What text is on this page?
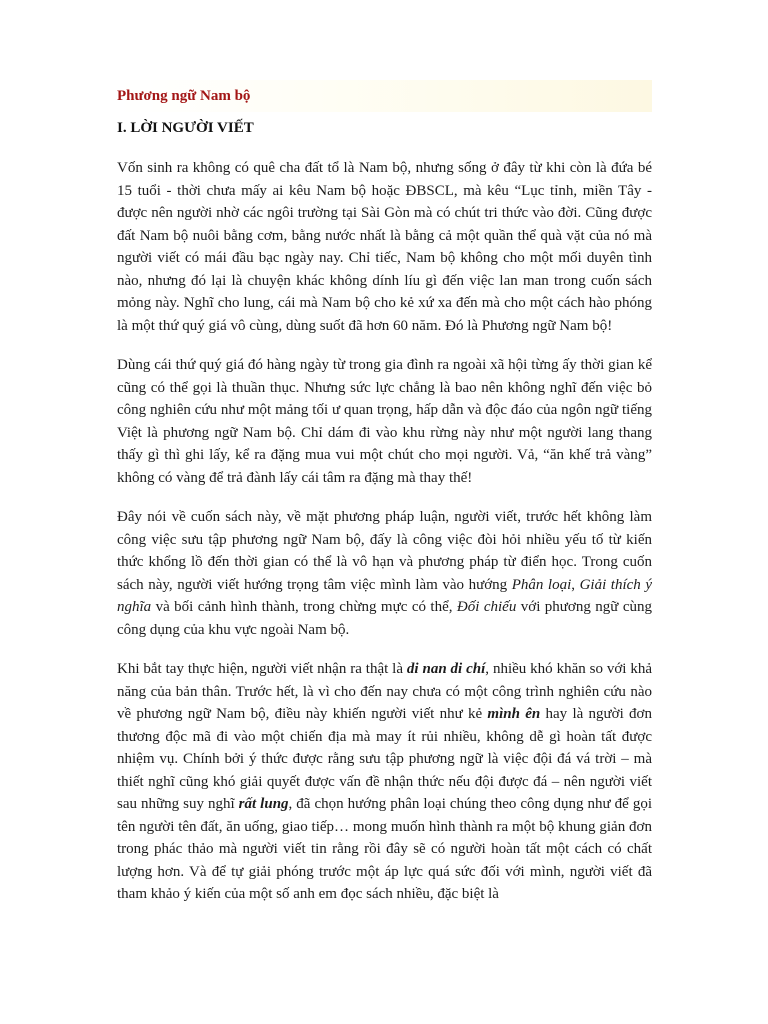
Phương ngữ Nam bộ
I. LỜI NGƯỜI VIẾT

Vốn sinh ra không có quê cha đất tổ là Nam bộ, nhưng sống ở đây từ khi còn là đứa bé 15 tuổi - thời chưa mấy ai kêu Nam bộ hoặc ĐBSCL, mà kêu “Lục tỉnh, miền Tây - được nên người nhờ các ngôi trường tại Sài Gòn mà có chút tri thức vào đời. Cũng được đất Nam bộ nuôi bằng cơm, bằng nước nhất là bằng cả một quần thể quà vặt của nó mà người viết có mái đầu bạc ngày nay. Chỉ tiếc, Nam bộ không cho một mối duyên tình nào, nhưng đó lại là chuyện khác không dính líu gì đến việc lan man trong cuốn sách mỏng này. Nghĩ cho lung, cái mà Nam bộ cho kẻ xứ xa đến mà cho một cách hào phóng là một thứ quý giá vô cùng, dùng suốt đã hơn 60 năm. Đó là Phương ngữ Nam bộ!

Dùng cái thứ quý giá đó hàng ngày từ trong gia đình ra ngoài xã hội từng ấy thời gian kể cũng có thể gọi là thuần thục. Nhưng sức lực chẳng là bao nên không nghĩ đến việc bỏ công nghiên cứu như một mảng tối ư quan trọng, hấp dẫn và độc đáo của ngôn ngữ tiếng Việt là phương ngữ Nam bộ. Chỉ dám đi vào khu rừng này như một người lang thang thấy gì thì ghi lấy, kể ra đặng mua vui một chút cho mọi người. Vả, “ăn khế trả vàng” không có vàng để trả đành lấy cái tâm ra đặng mà thay thế!

Đây nói về cuốn sách này, về mặt phương pháp luận, người viết, trước hết không làm công việc sưu tập phương ngữ Nam bộ, đấy là công việc đòi hỏi nhiều yếu tố từ kiến thức khổng lồ đến thời gian có thể là vô hạn và phương pháp từ điển học. Trong cuốn sách này, người viết hướng trọng tâm việc mình làm vào hướng Phân loại, Giải thích ý nghĩa và bối cảnh hình thành, trong chừng mực có thể, Đối chiếu với phương ngữ cùng công dụng của khu vực ngoài Nam bộ.

Khi bắt tay thực hiện, người viết nhận ra thật là di nan di chí, nhiều khó khăn so với khả năng của bản thân. Trước hết, là vì cho đến nay chưa có một công trình nghiên cứu nào về phương ngữ Nam bộ, điều này khiến người viết như kẻ mình ên hay là người đơn thương độc mã đi vào một chiến địa mà may ít rủi nhiều, không dễ gì hoàn tất được nhiệm vụ. Chính bởi ý thức được rằng sưu tập phương ngữ là việc đội đá vá trời – mà thiết nghĩ cũng khó giải quyết được vấn đề nhận thức nếu đội được đá – nên người viết sau những suy nghĩ rất lung, đã chọn hướng phân loại chúng theo công dụng như để gọi tên người tên đất, ăn uống, giao tiếp… mong muốn hình thành ra một bộ khung giản đơn trong phác thảo mà người viết tin rằng rồi đây sẽ có người hoàn tất một cách có chất lượng hơn. Và để tự giải phóng trước một áp lực quá sức đối với mình, người viết đã tham khảo ý kiến của một số anh em đọc sách nhiều, đặc biệt là
